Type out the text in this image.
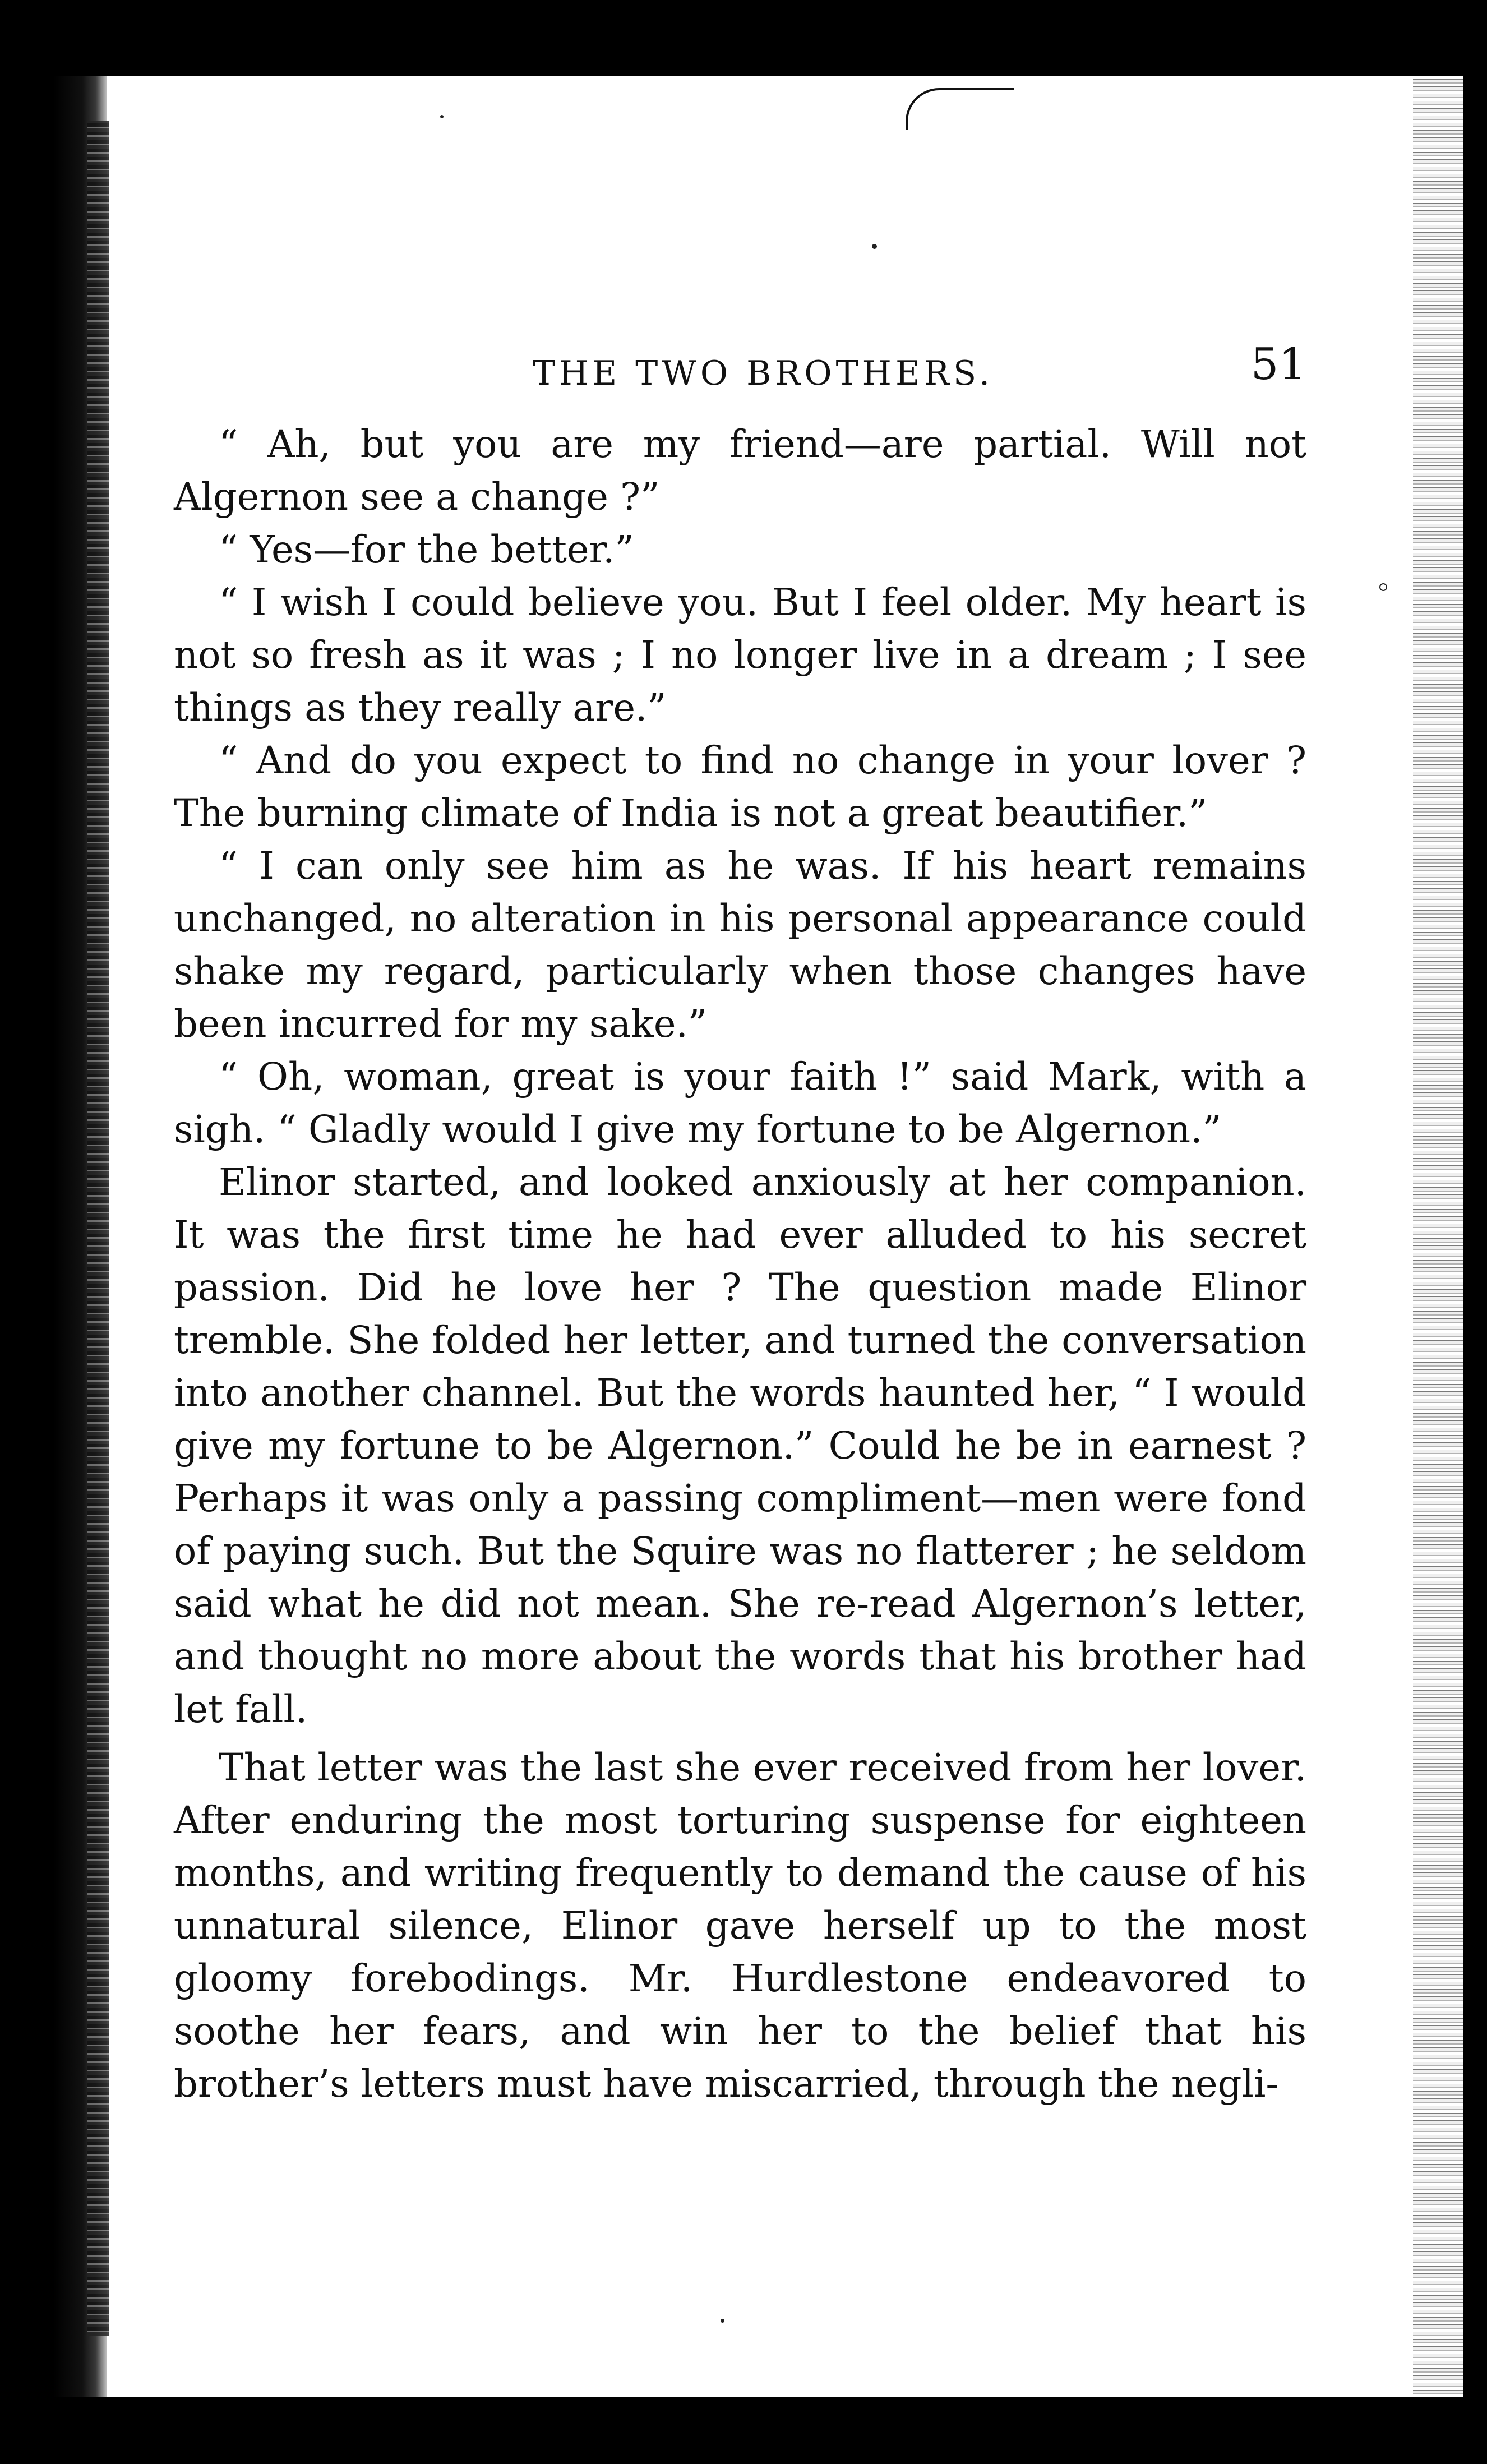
THE TWO BROTHERS.	51

“ Ah, but you are my friend—are partial. Will not Algernon see a change ?”

“ Yes—for the better.”

“ I wish I could believe you. But I feel older. My heart is not so fresh as it was ; I no longer live in a dream ; I see things as they really are.”

“ And do you expect to find no change in your lover ? The burning climate of India is not a great beautifier.”

“ I can only see him as he was. If his heart remains unchanged, no alteration in his personal appearance could shake my regard, particularly when those changes have been incurred for my sake.”

“ Oh, woman, great is your faith !” said Mark, with a sigh. “ Gladly would I give my fortune to be Algernon.”

Elinor started, and looked anxiously at her companion. It was the first time he had ever alluded to his secret passion. Did he love her ? The question made Elinor tremble. She folded her letter, and turned the conversation into another channel. But the words haunted her, “ I would give my fortune to be Algernon.” Could he be in earnest ? Perhaps it was only a passing compliment—men were fond of paying such. But the Squire was no flatterer ; he seldom said what he did not mean. She re-read Algernon’s letter, and thought no more about the words that his brother had let fall.

That letter was the last she ever received from her lover. After enduring the most torturing suspense for eighteen months, and writing frequently to demand the cause of his unnatural silence, Elinor gave herself up to the most gloomy forebodings. Mr. Hurdlestone endeavored to soothe her fears, and win her to the belief that his brother’s letters must have miscarried, through the negli-
